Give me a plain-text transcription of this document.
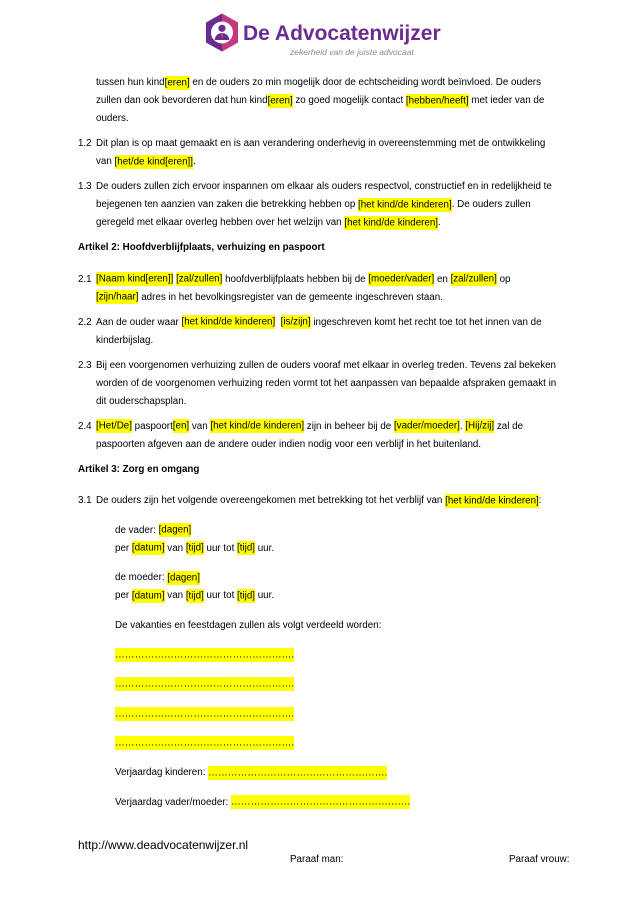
De Advocatenwijzer
zekerheid van de juiste advocaat
tussen hun kind[eren] en de ouders zo min mogelijk door de echtscheiding wordt beïnvloed. De ouders
zullen dan ook bevorderen dat hun kind[eren] zo goed mogelijk contact [hebben/heeft] met ieder van de
ouders.
1.2 Dit plan is op maat gemaakt en is aan verandering onderhevig in overeenstemming met de ontwikkeling
van [het/de kind[eren]].
1.3 De ouders zullen zich ervoor inspannen om elkaar als ouders respectvol, constructief en in redelijkheid te
bejegenen ten aanzien van zaken die betrekking hebben op [het kind/de kinderen]. De ouders zullen
geregeld met elkaar overleg hebben over het welzijn van [het kind/de kinderen].
Artikel 2: Hoofdverblijfplaats, verhuizing en paspoort
2.1 [Naam kind[eren]] [zal/zullen] hoofdverblijfplaats hebben bij de [moeder/vader] en [zal/zullen] op
[zijn/haar] adres in het bevolkingsregister van de gemeente ingeschreven staan.
2.2 Aan de ouder waar [het kind/de kinderen] [is/zijn] ingeschreven komt het recht toe tot het innen van de
kinderbijslag.
2.3 Bij een voorgenomen verhuizing zullen de ouders vooraf met elkaar in overleg treden. Tevens zal bekeken
worden of de voorgenomen verhuizing reden vormt tot het aanpassen van bepaalde afspraken gemaakt in
dit ouderschapsplan.
2.4 [Het/De] paspoort[en] van [het kind/de kinderen] zijn in beheer bij de [vader/moeder]. [Hij/zij] zal de
paspoorten afgeven aan de andere ouder indien nodig voor een verblijf in het buitenland.
Artikel 3: Zorg en omgang
3.1 De ouders zijn het volgende overeengekomen met betrekking tot het verblijf van [het kind/de kinderen]:
de vader: [dagen]
per [datum] van [tijd] uur tot [tijd] uur.
de moeder: [dagen]
per [datum] van [tijd] uur tot [tijd] uur.
De vakanties en feestdagen zullen als volgt verdeeld worden:
……………………………………………….
……………………………………………….
……………………………………………….
……………………………………………….
Verjaardag kinderen: ……………………………………………….
Verjaardag vader/moeder: ……………………………………………….
http://www.deadvocatenwijzer.nl
Paraaf man:	Paraaf vrouw:
